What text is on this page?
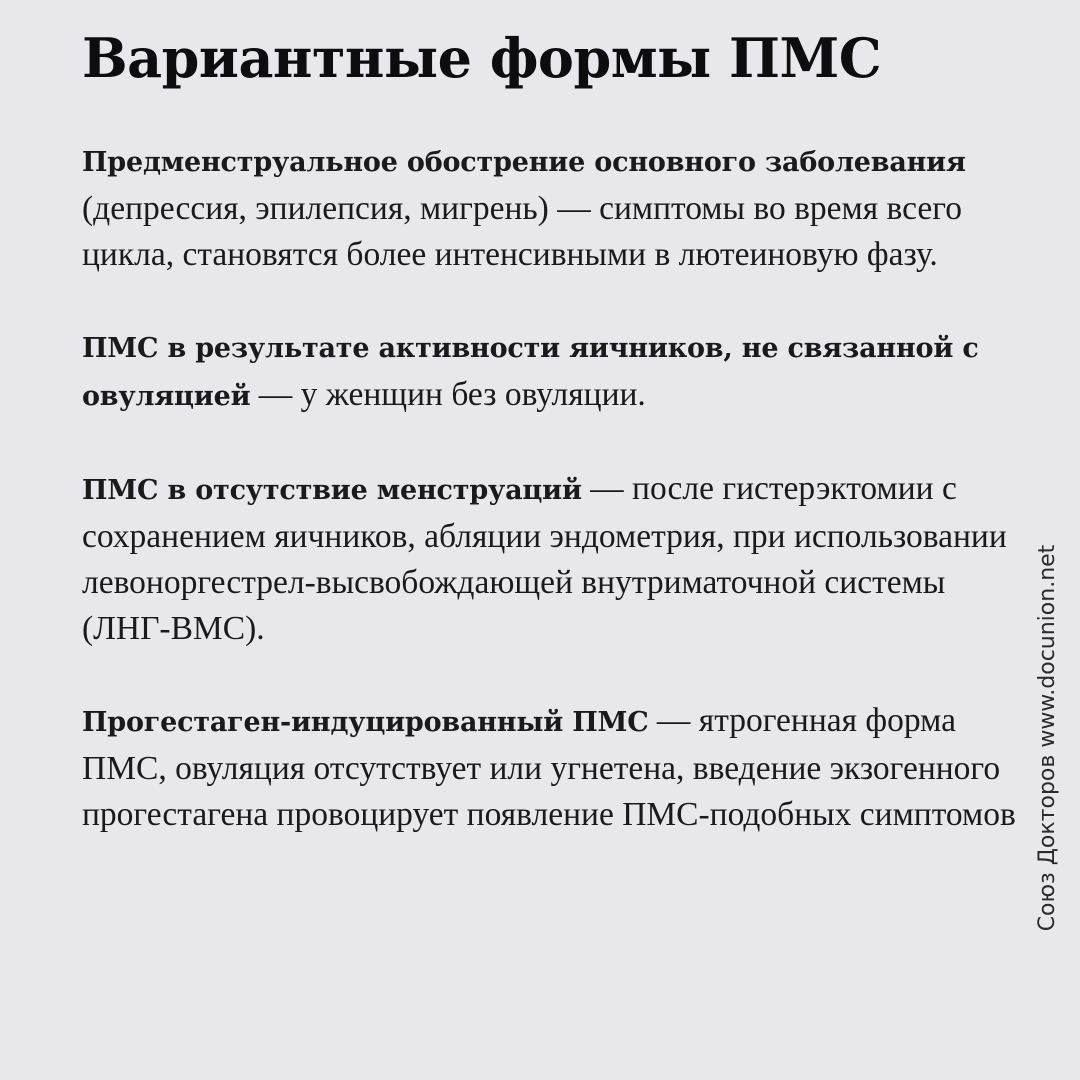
Вариантные формы ПМС

Предменструальное обострение основного заболевания (депрессия, эпилепсия, мигрень) — симптомы во время всего цикла, становятся более интенсивными в лютеиновую фазу.

ПМС в результате активности яичников, не связанной с овуляцией — у женщин без овуляции.

ПМС в отсутствие менструаций — после гистерэктомии с сохранением яичников, абляции эндометрия, при использовании левоноргестрел-высвобождающей внутриматочной системы (ЛНГ-ВМС).

Прогестаген-индуцированный ПМС — ятрогенная форма ПМС, овуляция отсутствует или угнетена, введение экзогенного прогестагена провоцирует появление ПМС-подобных симптомов Союз Докторов www.docunion.net
